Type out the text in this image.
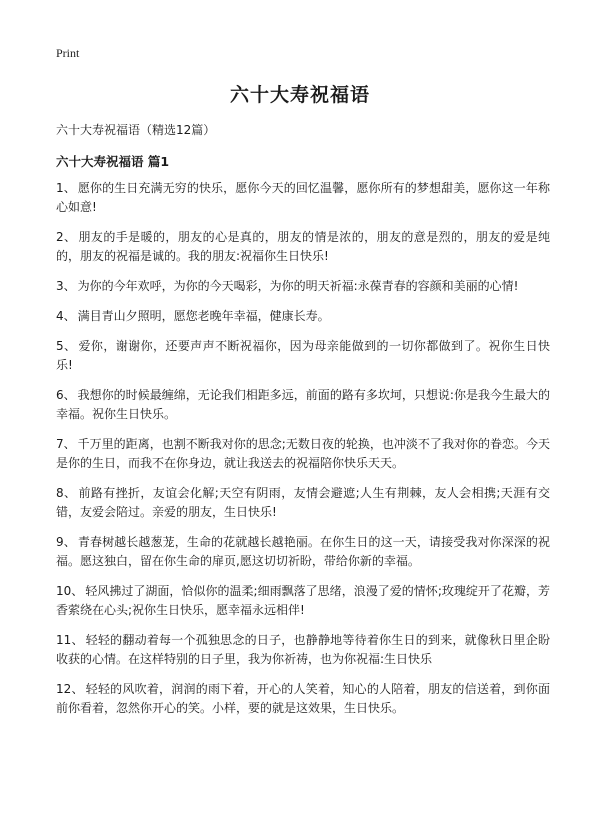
Print
六十大寿祝福语

六十大寿祝福语（精选12篇）

六十大寿祝福语 篇1
1、 愿你的生日充满无穷的快乐，愿你今天的回忆温馨，愿你所有的梦想甜美，愿你这一年称心如意!
2、 朋友的手是暖的，朋友的心是真的，朋友的情是浓的，朋友的意是烈的，朋友的爱是纯的，朋友的祝福是诚的。我的朋友:祝福你生日快乐!
3、 为你的今年欢呼，为你的今天喝彩，为你的明天祈福:永葆青春的容颜和美丽的心情!
4、 满目青山夕照明，愿您老晚年幸福，健康长寿。
5、 爱你，谢谢你，还要声声不断祝福你，因为母亲能做到的一切你都做到了。祝你生日快乐!
6、 我想你的时候最缠绵，无论我们相距多远，前面的路有多坎坷，只想说:你是我今生最大的幸福。祝你生日快乐。
7、 千万里的距离，也割不断我对你的思念;无数日夜的轮换，也冲淡不了我对你的眷恋。今天是你的生日，而我不在你身边，就让我送去的祝福陪你快乐天天。
8、 前路有挫折，友谊会化解;天空有阴雨，友情会避遮;人生有荆棘，友人会相携;天涯有交错，友爱会陪过。亲爱的朋友，生日快乐!
9、 青春树越长越葱茏，生命的花就越长越艳丽。在你生日的这一天，请接受我对你深深的祝福。愿这独白，留在你生命的扉页,愿这切切祈盼，带给你新的幸福。
10、 轻风拂过了湖面，恰似你的温柔;细雨飘落了思绪，浪漫了爱的情怀;玫瑰绽开了花瓣，芳香萦绕在心头;祝你生日快乐，愿幸福永远相伴!
11、 轻轻的翻动着每一个孤独思念的日子，也静静地等待着你生日的到来，就像秋日里企盼收获的心情。在这样特别的日子里，我为你祈祷，也为你祝福:生日快乐
12、 轻轻的风吹着，润润的雨下着，开心的人笑着，知心的人陪着，朋友的信送着，到你面前你看着，忽然你开心的笑。小样，要的就是这效果，生日快乐。
